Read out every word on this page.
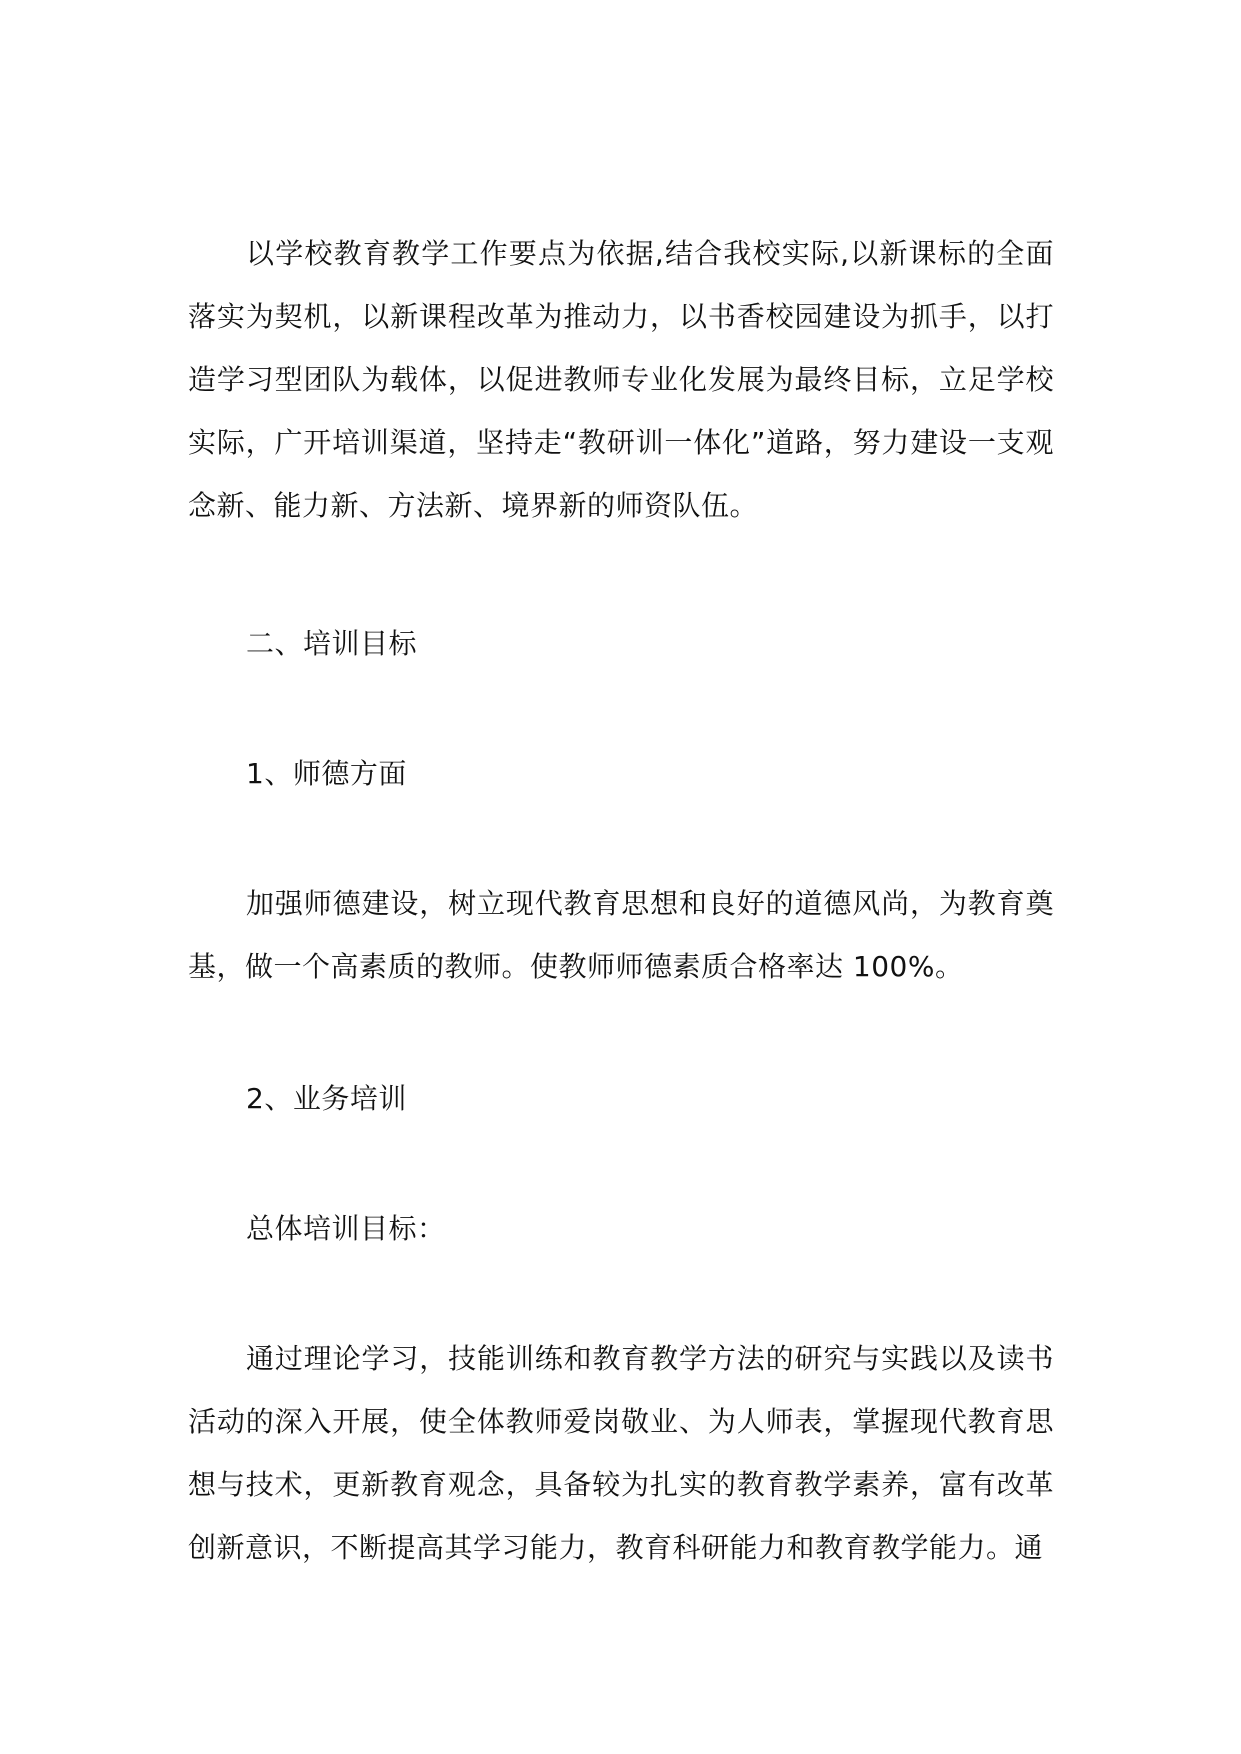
以学校教育教学工作要点为依据,结合我校实际,以新课标的全面落实为契机，以新课程改革为推动力，以书香校园建设为抓手，以打造学习型团队为载体，以促进教师专业化发展为最终目标，立足学校实际，广开培训渠道，坚持走“教研训一体化”道路，努力建设一支观念新、能力新、方法新、境界新的师资队伍。

二、培训目标

1、师德方面

加强师德建设，树立现代教育思想和良好的道德风尚，为教育奠基，做一个高素质的教师。使教师师德素质合格率达 100%。

2、业务培训

总体培训目标：

通过理论学习，技能训练和教育教学方法的研究与实践以及读书活动的深入开展，使全体教师爱岗敬业、为人师表，掌握现代教育思想与技术，更新教育观念，具备较为扎实的教育教学素养，富有改革创新意识，不断提高其学习能力，教育科研能力和教育教学能力。通
